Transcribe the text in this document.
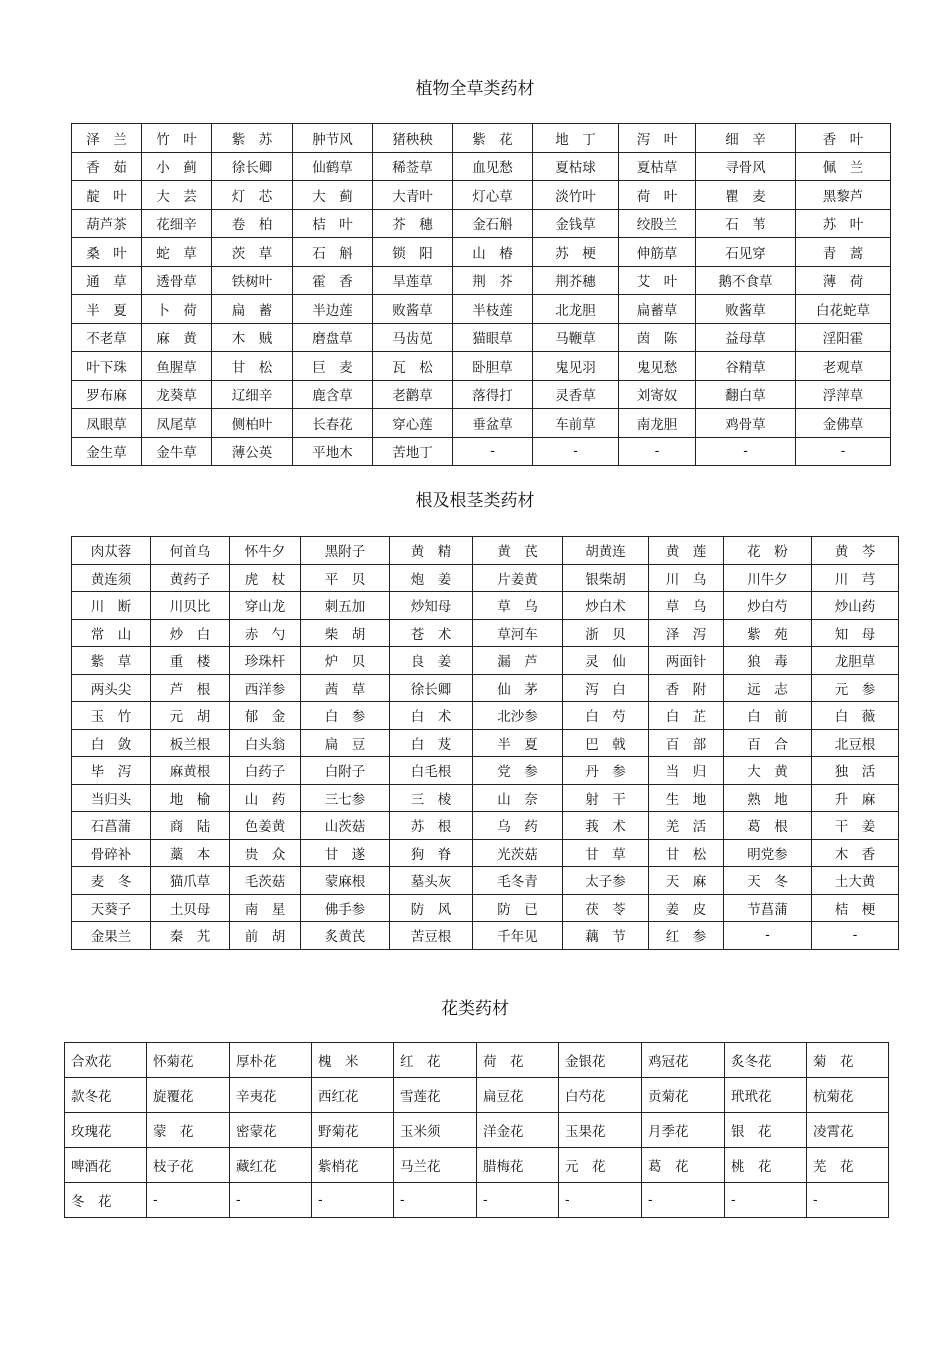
植物全草类药材
泽　兰	竹　叶	紫　苏	肿节风	猪秧秧	紫　花	地　丁	泻　叶	细　辛	香　叶
香　茹	小　蓟	徐长卿	仙鹤草	稀莶草	血见愁	夏枯球	夏枯草	寻骨风	佩　兰
靛　叶	大　芸	灯　芯	大　蓟	大青叶	灯心草	淡竹叶	荷　叶	瞿　麦	黑黎芦
葫芦茶	花细辛	卷　柏	桔　叶	芥　穗	金石斛	金钱草	绞股兰	石　苇	苏　叶
桑　叶	蛇　草	茨　草	石　斛	锁　阳	山　椿	苏　梗	伸筋草	石见穿	青　蒿
通　草	透骨草	铁树叶	霍　香	旱莲草	荆　芥	荆芥穗	艾　叶	鹅不食草	薄　荷
半　夏	卜　荷	扁　蓄	半边莲	败酱草	半枝莲	北龙胆	扁蓄草	败酱草	白花蛇草
不老草	麻　黄	木　贼	磨盘草	马齿苋	猫眼草	马鞭草	茵　陈	益母草	淫阳霍
叶下珠	鱼腥草	甘　松	巨　麦	瓦　松	卧胆草	鬼见羽	鬼见愁	谷精草	老观草
罗布麻	龙葵草	辽细辛	鹿含草	老鹳草	落得打	灵香草	刘寄奴	翻白草	浮萍草
凤眼草	凤尾草	侧柏叶	长春花	穿心莲	垂盆草	车前草	南龙胆	鸡骨草	金佛草
金生草	金牛草	薄公英	平地木	苦地丁	-	-	-	-	-
根及根茎类药材
肉苁蓉	何首乌	怀牛夕	黑附子	黄　精	黄　芪	胡黄连	黄　莲	花　粉	黄　芩
黄连须	黄药子	虎　杖	平　贝	炮　姜	片姜黄	银柴胡	川　乌	川牛夕	川　芎
川　断	川贝比	穿山龙	刺五加	炒知母	草　乌	炒白术	草　乌	炒白芍	炒山药
常　山	炒　白	赤　勺	柴　胡	苍　术	草河车	浙　贝	泽　泻	紫　苑	知　母
紫　草	重　楼	珍珠杆	炉　贝	良　姜	漏　芦	灵　仙	两面针	狼　毒	龙胆草
两头尖	芦　根	西洋参	茜　草	徐长卿	仙　茅	泻　白	香　附	远　志	元　参
玉　竹	元　胡	郁　金	白　参	白　术	北沙参	白　芍	白　芷	白　前	白　薇
白　敛	板兰根	白头翁	扁　豆	白　芨	半　夏	巴　戟	百　部	百　合	北豆根
毕　泻	麻黄根	白药子	白附子	白毛根	党　参	丹　参	当　归	大　黄	独　活
当归头	地　榆	山　药	三七参	三　棱	山　奈	射　干	生　地	熟　地	升　麻
石菖蒲	商　陆	色姜黄	山茨菇	苏　根	乌　药	莪　术	羌　活	葛　根	干　姜
骨碎补	藁　本	贵　众	甘　遂	狗　脊	光茨菇	甘　草	甘　松	明党参	木　香
麦　冬	猫爪草	毛茨菇	蒙麻根	墓头灰	毛冬青	太子参	天　麻	天　冬	土大黄
天葵子	土贝母	南　星	佛手参	防　风	防　已	茯　苓	姜　皮	节菖蒲	桔　梗
金果兰	秦　艽	前　胡	炙黄芪	苦豆根	千年见	藕　节	红　参	-	-
花类药材
合欢花	怀菊花	厚朴花	槐　米	红　花	荷　花	金银花	鸡冠花	炙冬花	菊　花
款冬花	旋覆花	辛夷花	西红花	雪莲花	扁豆花	白芍花	贡菊花	玳玳花	杭菊花
玫瑰花	蒙　花	密蒙花	野菊花	玉米须	洋金花	玉果花	月季花	银　花	凌霄花
啤酒花	枝子花	藏红花	紫梢花	马兰花	腊梅花	元　花	葛　花	桃　花	芜　花
冬　花	-	-	-	-	-	-	-	-	-
